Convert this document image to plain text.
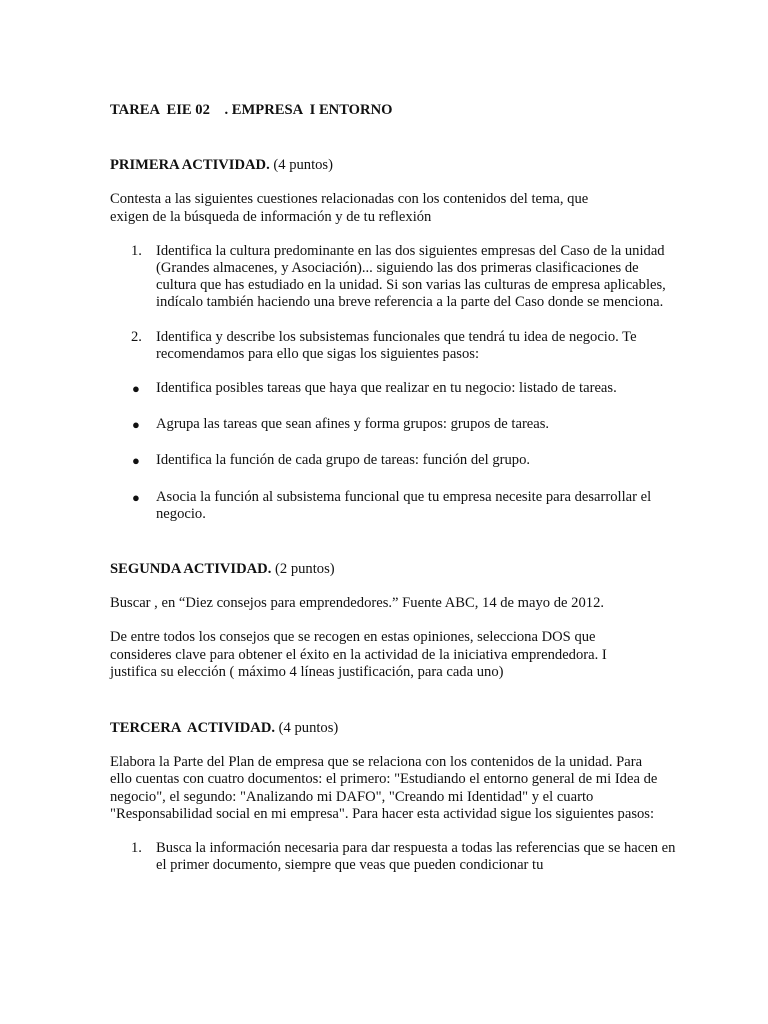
TAREA  EIE 02    . EMPRESA  I ENTORNO

PRIMERA ACTIVIDAD. (4 puntos)

Contesta a las siguientes cuestiones relacionadas con los contenidos del tema, que exigen de la búsqueda de información y de tu reflexión

1. Identifica la cultura predominante en las dos siguientes empresas del Caso de la unidad (Grandes almacenes, y Asociación)... siguiendo las dos primeras clasificaciones de cultura que has estudiado en la unidad. Si son varias las culturas de empresa aplicables, indícalo también haciendo una breve referencia a la parte del Caso donde se menciona.
2. Identifica y describe los subsistemas funcionales que tendrá tu idea de negocio. Te recomendamos para ello que sigas los siguientes pasos:
● Identifica posibles tareas que haya que realizar en tu negocio: listado de tareas.
● Agrupa las tareas que sean afines y forma grupos: grupos de tareas.
● Identifica la función de cada grupo de tareas: función del grupo.
● Asocia la función al subsistema funcional que tu empresa necesite para desarrollar el negocio.

SEGUNDA ACTIVIDAD. (2 puntos)

Buscar , en “Diez consejos para emprendedores.” Fuente ABC, 14 de mayo de 2012.

De entre todos los consejos que se recogen en estas opiniones, selecciona DOS que consideres clave para obtener el éxito en la actividad de la iniciativa emprendedora. I justifica su elección ( máximo 4 líneas justificación, para cada uno)

TERCERA  ACTIVIDAD. (4 puntos)

Elabora la Parte del Plan de empresa que se relaciona con los contenidos de la unidad. Para ello cuentas con cuatro documentos: el primero: "Estudiando el entorno general de mi Idea de negocio", el segundo: "Analizando mi DAFO", "Creando mi Identidad" y el cuarto "Responsabilidad social en mi empresa". Para hacer esta actividad sigue los siguientes pasos:

1. Busca la información necesaria para dar respuesta a todas las referencias que se hacen en el primer documento, siempre que veas que pueden condicionar tu
